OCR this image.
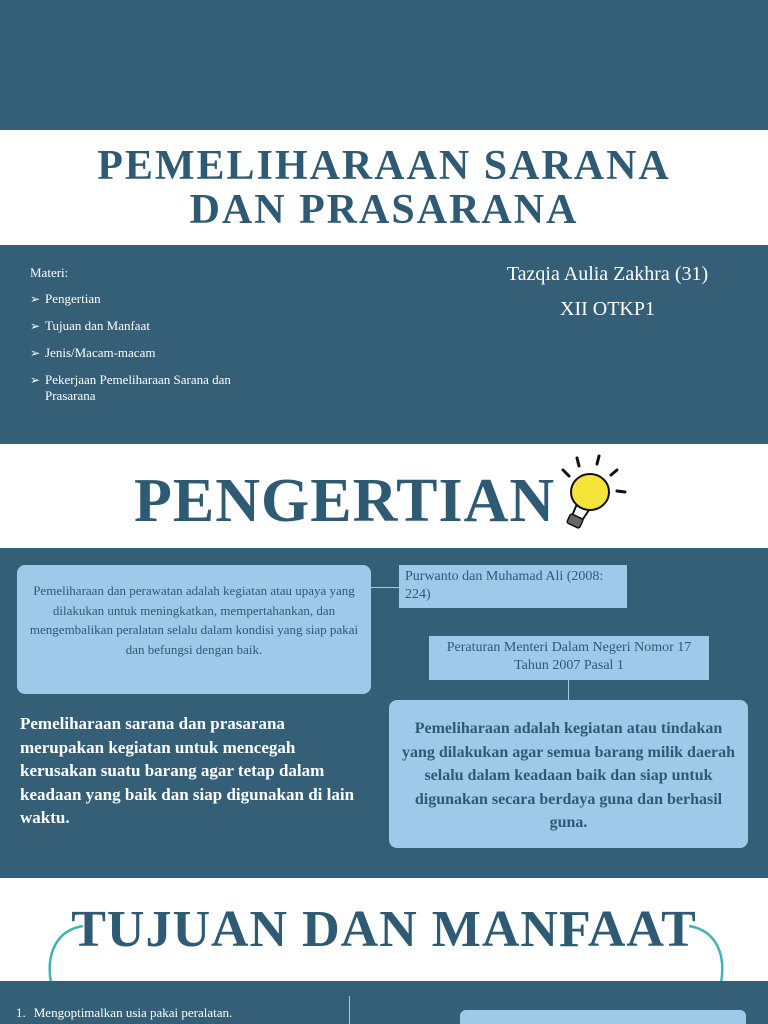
PEMELIHARAAN SARANA
DAN PRASARANA
Materi:
➢ Pengertian
➢ Tujuan dan Manfaat
➢ Jenis/Macam-macam
➢ Pekerjaan Pemeliharaan Sarana dan Prasarana
Tazqia Aulia Zakhra (31)
XII OTKP1
PENGERTIAN
Pemeliharaan dan perawatan adalah kegiatan atau upaya yang dilakukan untuk meningkatkan, mempertahankan, dan mengembalikan peralatan selalu dalam kondisi yang siap pakai dan befungsi dengan baik.
Purwanto dan Muhamad Ali (2008: 224)
Peraturan Menteri Dalam Negeri Nomor 17 Tahun 2007 Pasal 1
Pemeliharaan adalah kegiatan atau tindakan yang dilakukan agar semua barang milik daerah selalu dalam keadaan baik dan siap untuk digunakan secara berdaya guna dan berhasil guna.
Pemeliharaan sarana dan prasarana merupakan kegiatan untuk mencegah kerusakan suatu barang agar tetap dalam keadaan yang baik dan siap digunakan di lain waktu.
TUJUAN DAN MANFAAT
1. Mengoptimalkan usia pakai peralatan.
